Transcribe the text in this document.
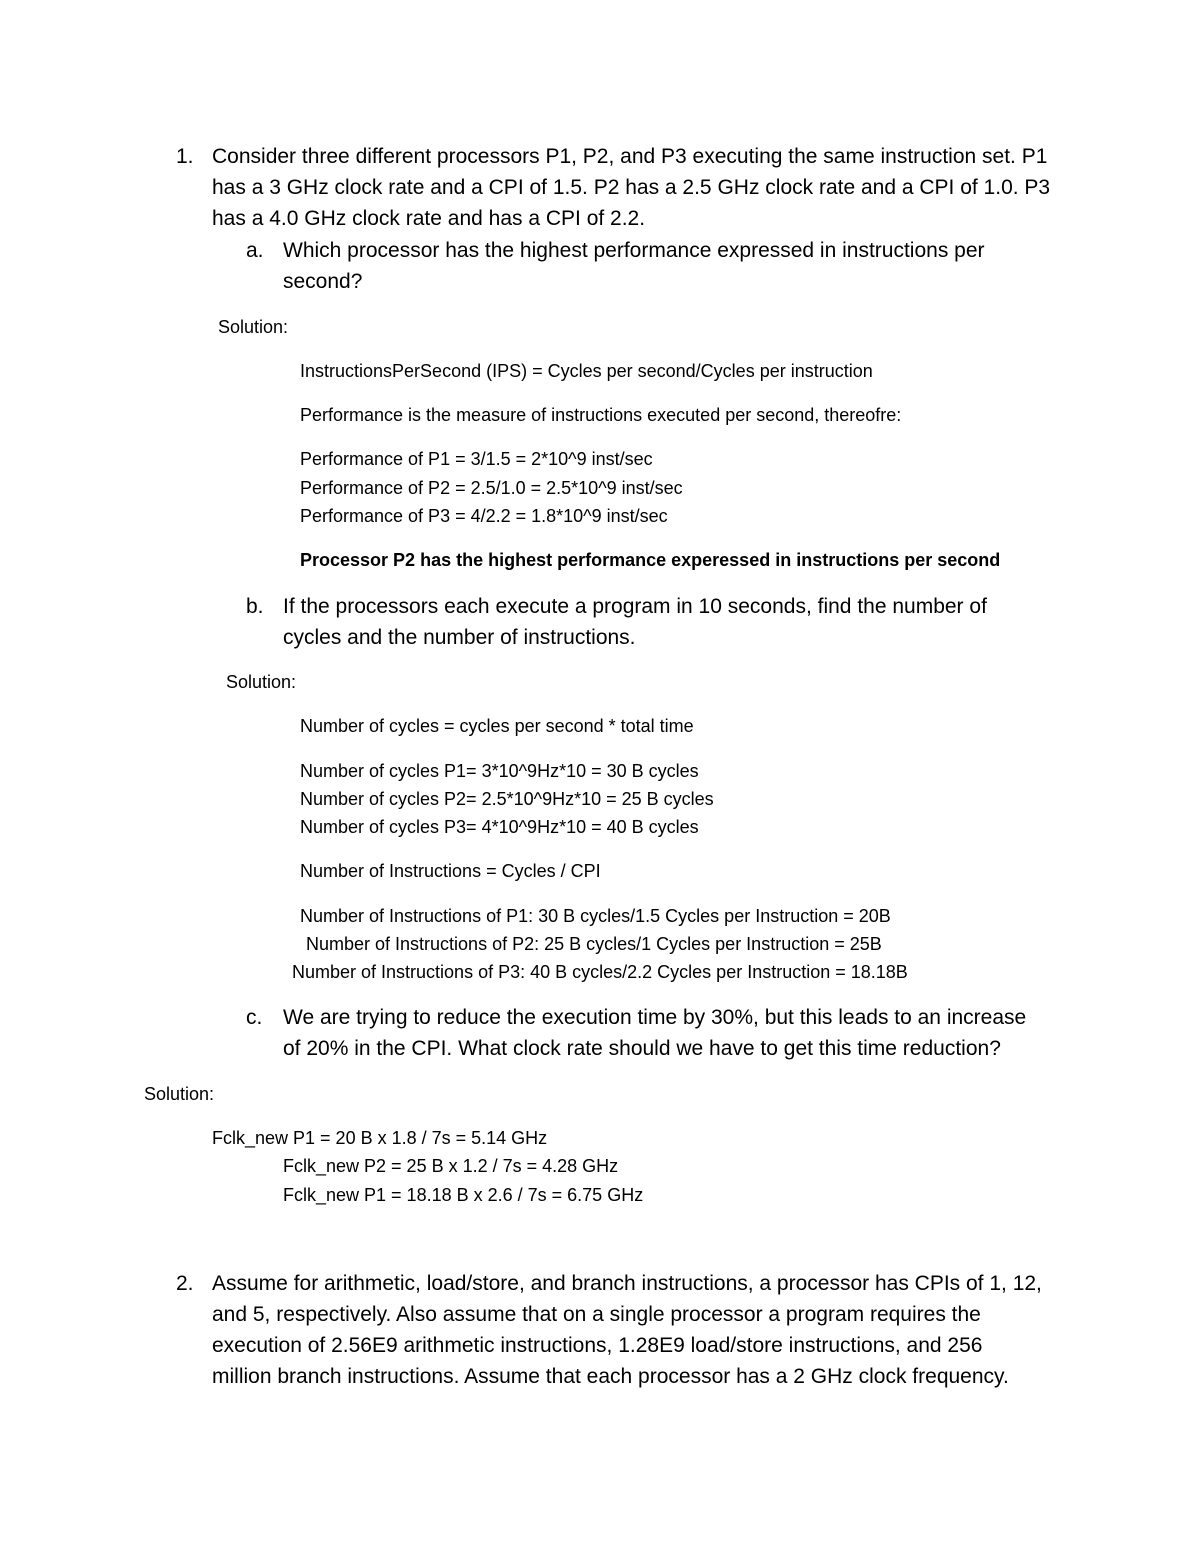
1. Consider three different processors P1, P2, and P3 executing the same instruction set. P1
has a 3 GHz clock rate and a CPI of 1.5. P2 has a 2.5 GHz clock rate and a CPI of 1.0. P3
has a 4.0 GHz clock rate and has a CPI of 2.2.
a. Which processor has the highest performance expressed in instructions per
second?
Solution:
InstructionsPerSecond (IPS) = Cycles per second/Cycles per instruction
Performance is the measure of instructions executed per second, thereofre:
Performance of P1 = 3/1.5 = 2*10^9 inst/sec
Performance of P2 = 2.5/1.0 = 2.5*10^9 inst/sec
Performance of P3 = 4/2.2 = 1.8*10^9 inst/sec
Processor P2 has the highest performance experessed in instructions per second
b. If the processors each execute a program in 10 seconds, find the number of
cycles and the number of instructions.
Solution:
Number of cycles = cycles per second * total time
Number of cycles P1= 3*10^9Hz*10 = 30 B cycles
Number of cycles P2= 2.5*10^9Hz*10 = 25 B cycles
Number of cycles P3= 4*10^9Hz*10 = 40 B cycles
Number of Instructions = Cycles / CPI
Number of Instructions of P1: 30 B cycles/1.5 Cycles per Instruction = 20B
Number of Instructions of P2: 25 B cycles/1 Cycles per Instruction = 25B
Number of Instructions of P3: 40 B cycles/2.2 Cycles per Instruction = 18.18B
c. We are trying to reduce the execution time by 30%, but this leads to an increase
of 20% in the CPI. What clock rate should we have to get this time reduction?
Solution:
Fclk_new P1 = 20 B x 1.8 / 7s = 5.14 GHz
Fclk_new P2 = 25 B x 1.2 / 7s = 4.28 GHz
Fclk_new P1 = 18.18 B x 2.6 / 7s = 6.75 GHz
2. Assume for arithmetic, load/store, and branch instructions, a processor has CPIs of 1, 12,
and 5, respectively. Also assume that on a single processor a program requires the
execution of 2.56E9 arithmetic instructions, 1.28E9 load/store instructions, and 256
million branch instructions. Assume that each processor has a 2 GHz clock frequency.
